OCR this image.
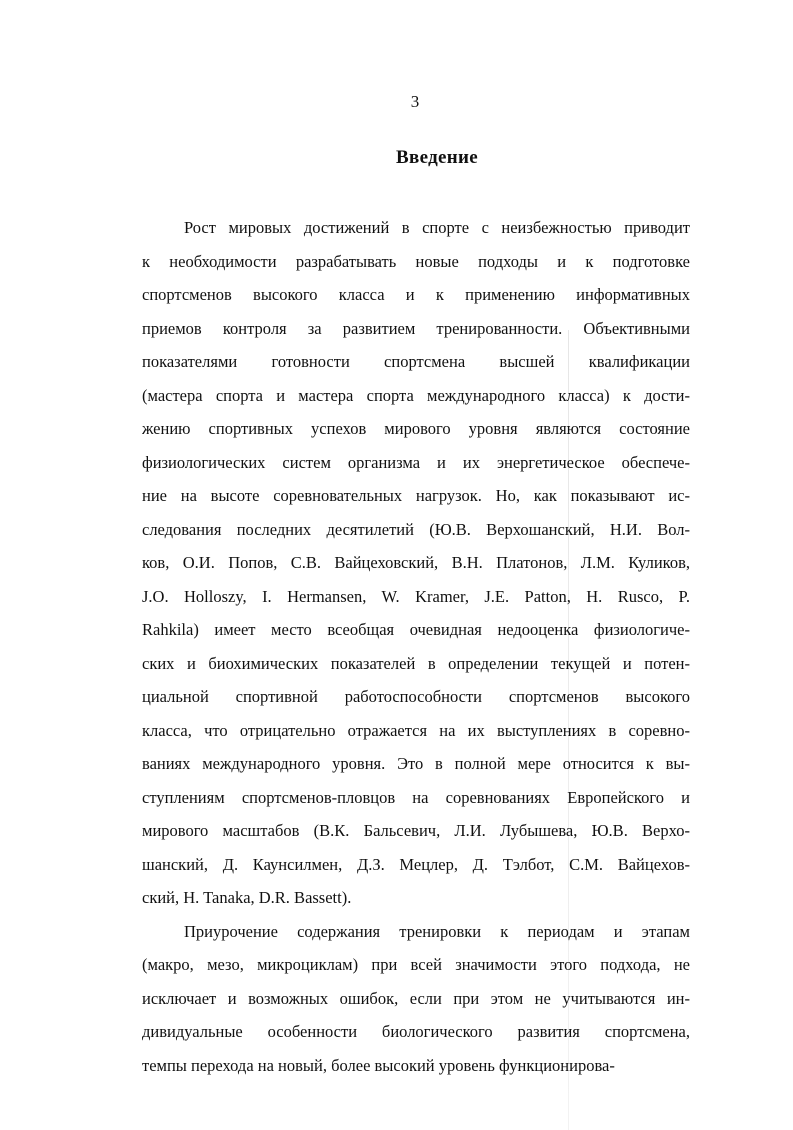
3
Введение
Рост мировых достижений в спорте с неизбежностью приводит
к необходимости разрабатывать новые подходы и к подготовке
спортсменов высокого класса и к применению информативных
приемов контроля за развитием тренированности. Объективными
показателями готовности спортсмена высшей квалификации
(мастера спорта и мастера спорта международного класса) к дости-
жению спортивных успехов мирового уровня являются состояние
физиологических систем организма и их энергетическое обеспече-
ние на высоте соревновательных нагрузок. Но, как показывают ис-
следования последних десятилетий (Ю.В. Верхошанский, Н.И. Вол-
ков, О.И. Попов, С.В. Вайцеховский, В.Н. Платонов, Л.М. Куликов,
J.O. Holloszy, I. Hermansen, W. Kramer, J.E. Patton, H. Rusco, P.
Rahkila) имеет место всеобщая очевидная недооценка физиологиче-
ских и биохимических показателей в определении текущей и потен-
циальной спортивной работоспособности спортсменов высокого
класса, что отрицательно отражается на их выступлениях в соревно-
ваниях международного уровня. Это в полной мере относится к вы-
ступлениям спортсменов-пловцов на соревнованиях Европейского и
мирового масштабов (В.К. Бальсевич, Л.И. Лубышева, Ю.В. Верхо-
шанский, Д. Каунсилмен, Д.З. Мецлер, Д. Тэлбот, С.М. Вайцехов-
ский, H. Tanaka, D.R. Bassett).
Приурочение содержания тренировки к периодам и этапам
(макро, мезо, микроциклам) при всей значимости этого подхода, не
исключает и возможных ошибок, если при этом не учитываются ин-
дивидуальные особенности биологического развития спортсмена,
темпы перехода на новый, более высокий уровень функционирова-
